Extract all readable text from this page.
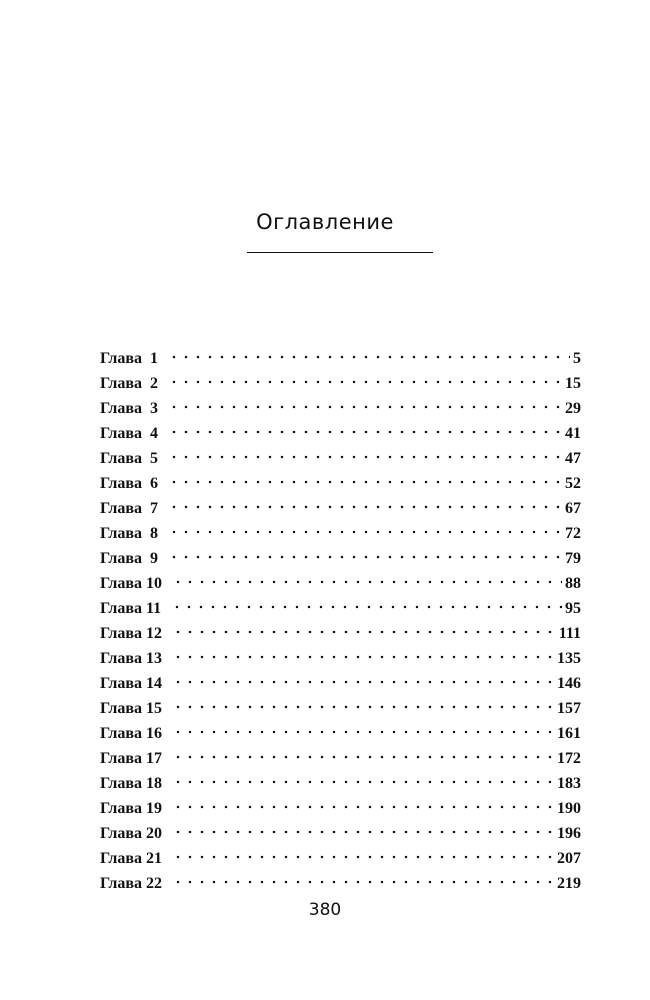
Оглавление
Глава  1	5
Глава  2	15
Глава  3	29
Глава  4	41
Глава  5	47
Глава  6	52
Глава  7	67
Глава  8	72
Глава  9	79
Глава 10	88
Глава 11	95
Глава 12	111
Глава 13	135
Глава 14	146
Глава 15	157
Глава 16	161
Глава 17	172
Глава 18	183
Глава 19	190
Глава 20	196
Глава 21	207
Глава 22	219
380
